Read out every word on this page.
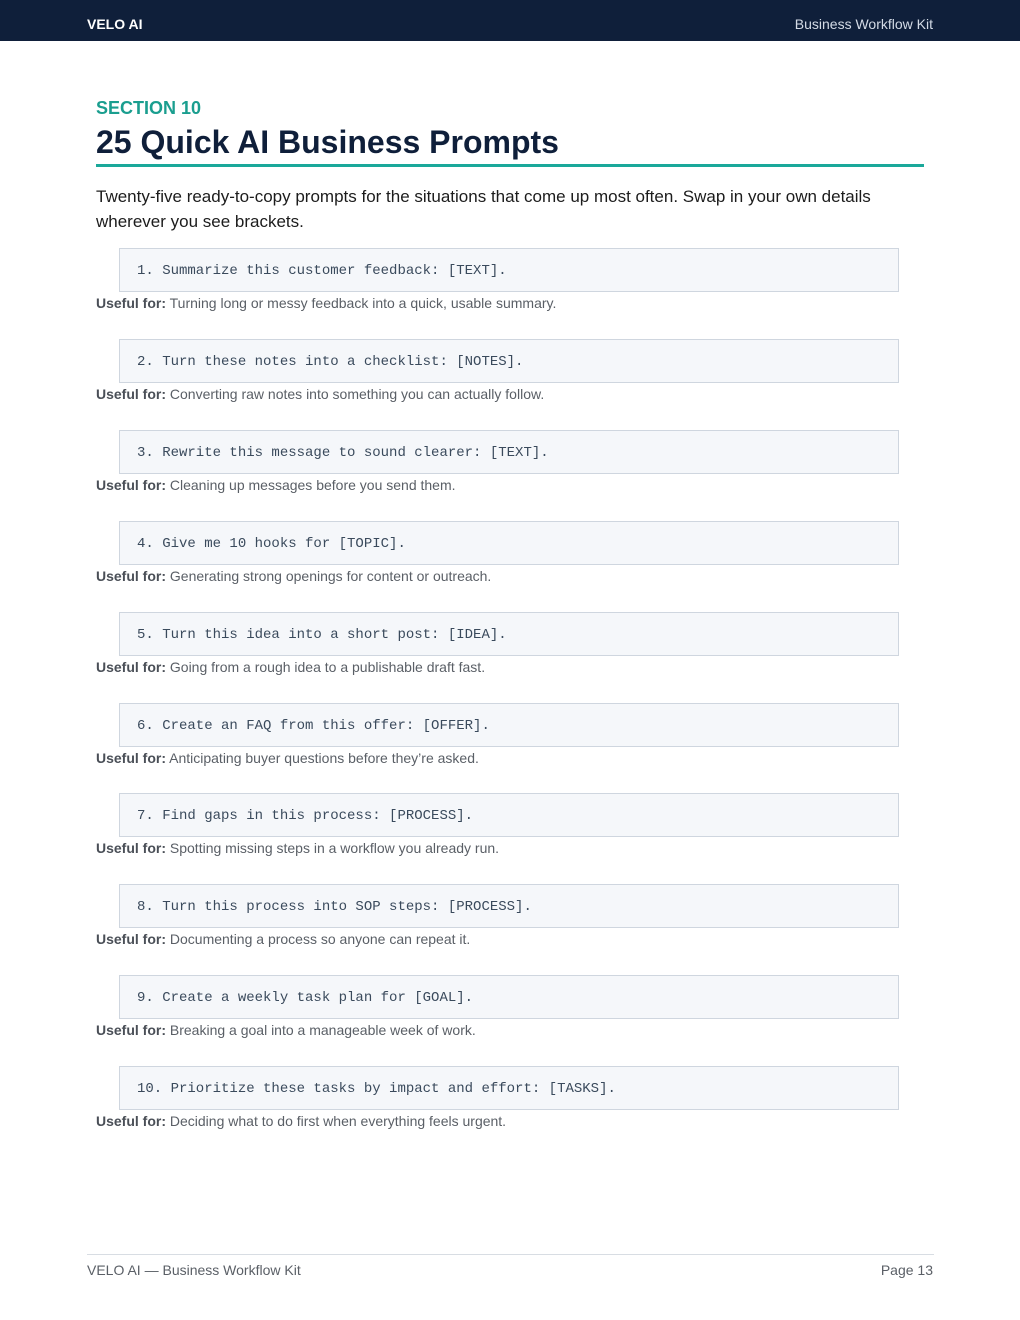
VELO AI	Business Workflow Kit
SECTION 10
25 Quick AI Business Prompts

Twenty-five ready-to-copy prompts for the situations that come up most often. Swap in your own details wherever you see brackets.

1. Summarize this customer feedback: [TEXT].
Useful for: Turning long or messy feedback into a quick, usable summary.
2. Turn these notes into a checklist: [NOTES].
Useful for: Converting raw notes into something you can actually follow.
3. Rewrite this message to sound clearer: [TEXT].
Useful for: Cleaning up messages before you send them.
4. Give me 10 hooks for [TOPIC].
Useful for: Generating strong openings for content or outreach.
5. Turn this idea into a short post: [IDEA].
Useful for: Going from a rough idea to a publishable draft fast.
6. Create an FAQ from this offer: [OFFER].
Useful for: Anticipating buyer questions before they’re asked.
7. Find gaps in this process: [PROCESS].
Useful for: Spotting missing steps in a workflow you already run.
8. Turn this process into SOP steps: [PROCESS].
Useful for: Documenting a process so anyone can repeat it.
9. Create a weekly task plan for [GOAL].
Useful for: Breaking a goal into a manageable week of work.
10. Prioritize these tasks by impact and effort: [TASKS].
Useful for: Deciding what to do first when everything feels urgent.
VELO AI — Business Workflow Kit	Page 13
